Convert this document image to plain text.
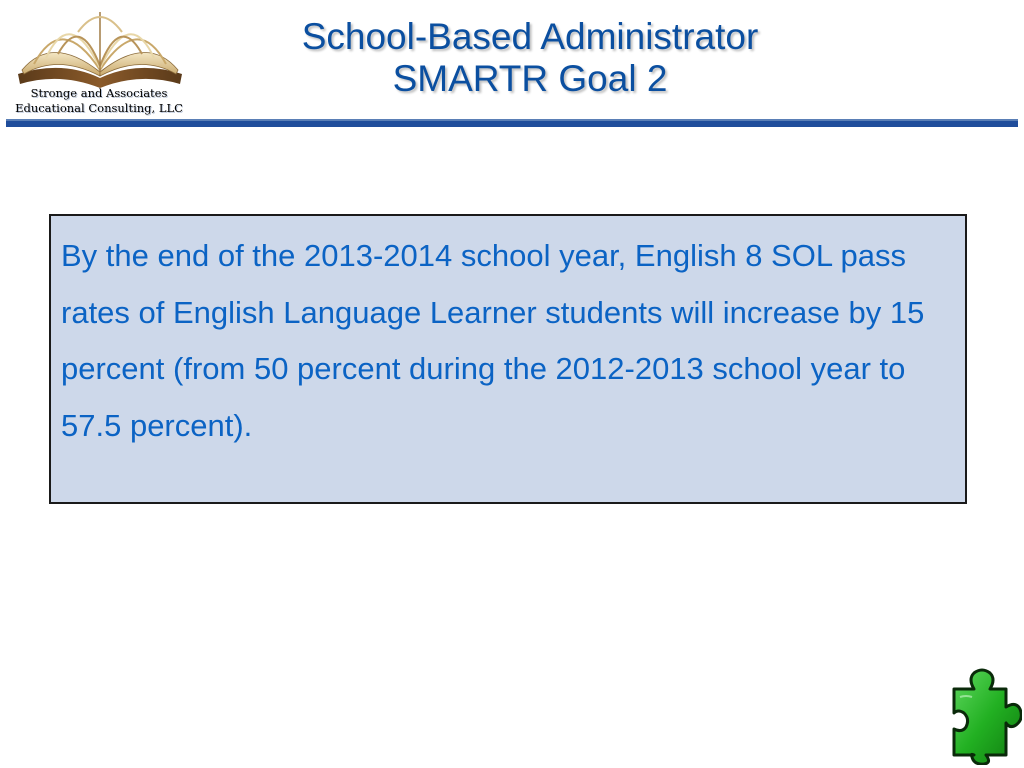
Stronge and Associates
Educational Consulting, LLC
School-Based Administrator
SMARTR Goal 2
By the end of the 2013-2014 school year, English 8 SOL pass rates of English Language Learner students will increase by 15 percent (from 50 percent during the 2012-2013 school year to 57.5 percent).
